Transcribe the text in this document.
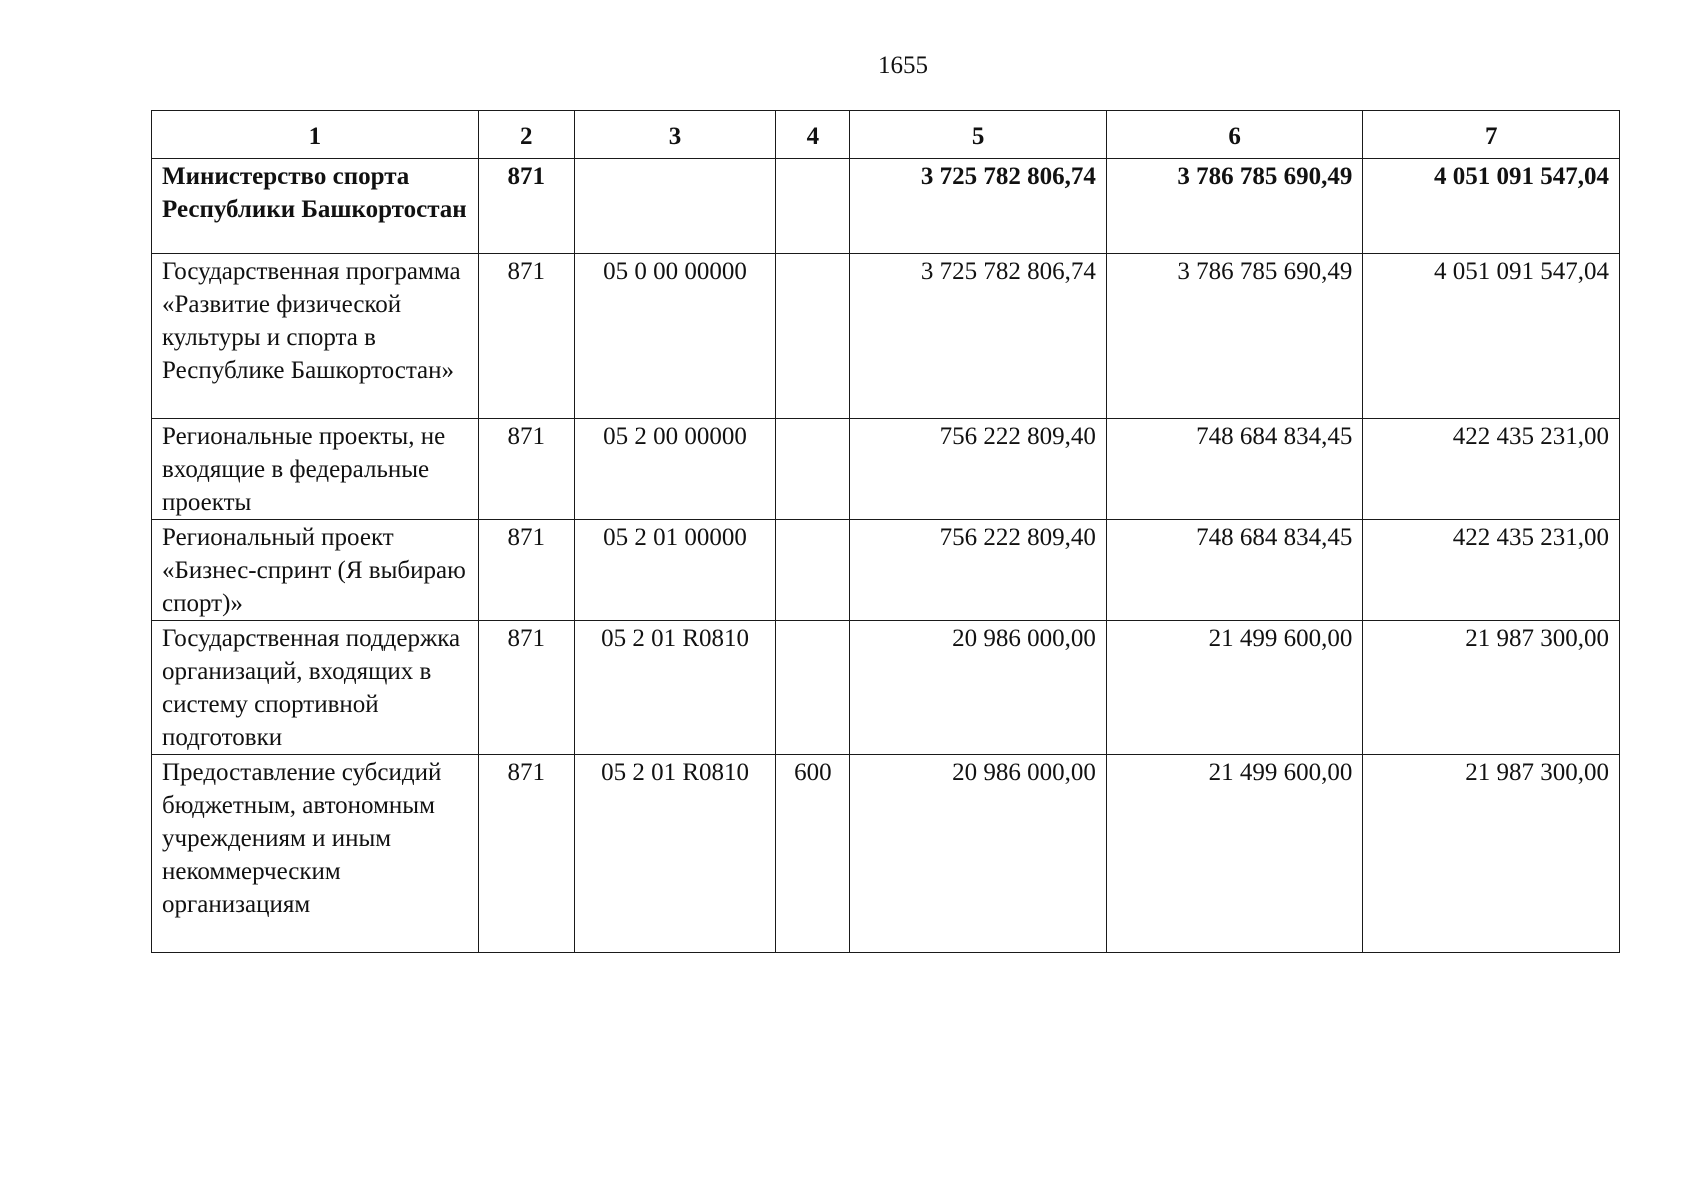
1655
1	2	3	4	5	6	7
Министерство спорта Республики Башкортостан	871			3 725 782 806,74	3 786 785 690,49	4 051 091 547,04
Государственная программа «Развитие физической культуры и спорта в Республике Башкортостан»	871	05 0 00 00000		3 725 782 806,74	3 786 785 690,49	4 051 091 547,04
Региональные проекты, не входящие в федеральные проекты	871	05 2 00 00000		756 222 809,40	748 684 834,45	422 435 231,00
Региональный проект «Бизнес-спринт (Я выбираю спорт)»	871	05 2 01 00000		756 222 809,40	748 684 834,45	422 435 231,00
Государственная поддержка организаций, входящих в систему спортивной подготовки	871	05 2 01 R0810		20 986 000,00	21 499 600,00	21 987 300,00
Предоставление субсидий бюджетным, автономным учреждениям и иным некоммерческим организациям	871	05 2 01 R0810	600	20 986 000,00	21 499 600,00	21 987 300,00
